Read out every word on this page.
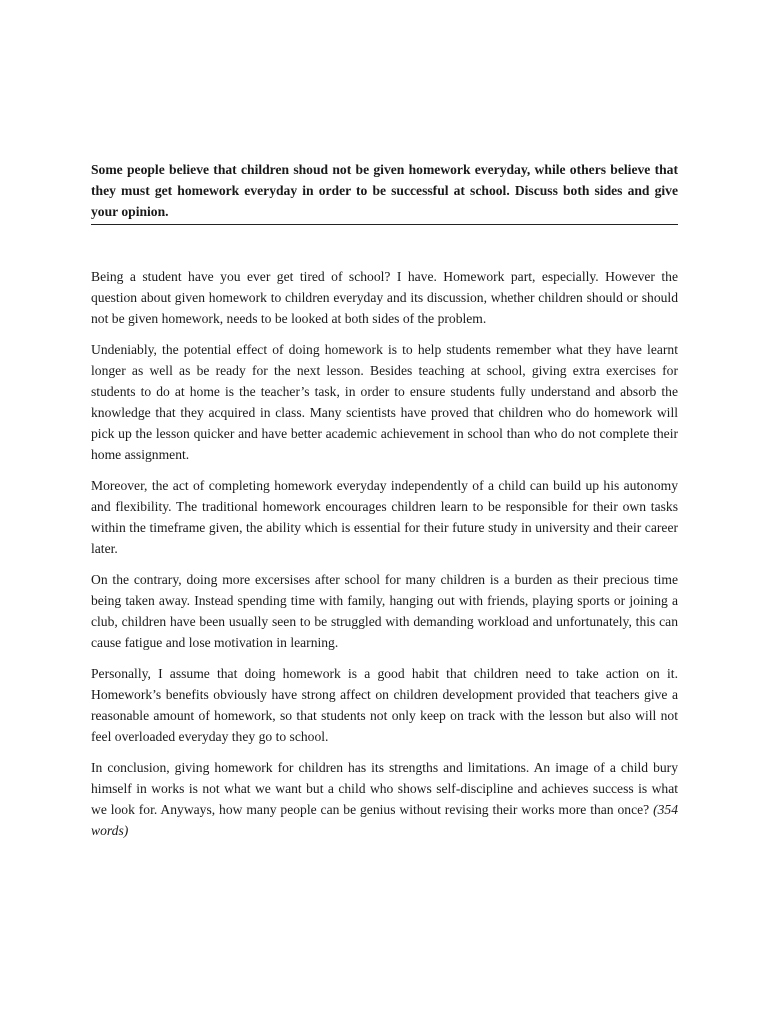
Some people believe that children shoud not be given homework everyday, while others believe that they must get homework everyday in order to be successful at school. Discuss both sides and give your opinion.

Being a student have you ever get tired of school? I have. Homework part, especially. However the question about given homework to children everyday and its discussion, whether children should or should not be given homework, needs to be looked at both sides of the problem.

Undeniably, the potential effect of doing homework is to help students remember what they have learnt longer as well as be ready for the next lesson. Besides teaching at school, giving extra exercises for students to do at home is the teacher’s task, in order to ensure students fully understand and absorb the knowledge that they acquired in class. Many scientists have proved that children who do homework will pick up the lesson quicker and have better academic achievement in school than who do not complete their home assignment.

Moreover, the act of completing homework everyday independently of a child can build up his autonomy and flexibility. The traditional homework encourages children learn to be responsible for their own tasks within the timeframe given, the ability which is essential for their future study in university and their career later.

On the contrary, doing more excersises after school for many children is a burden as their precious time being taken away. Instead spending time with family, hanging out with friends, playing sports or joining a club, children have been usually seen to be struggled with demanding workload and unfortunately, this can cause fatigue and lose motivation in learning.

Personally, I assume that doing homework is a good habit that children need to take action on it. Homework’s benefits obviously have strong affect on children development provided that teachers give a reasonable amount of homework, so that students not only keep on track with the lesson but also will not feel overloaded everyday they go to school.

In conclusion, giving homework for children has its strengths and limitations. An image of a child bury himself in works is not what we want but a child who shows self-discipline and achieves success is what we look for. Anyways, how many people can be genius without revising their works more than once? (354 words)
